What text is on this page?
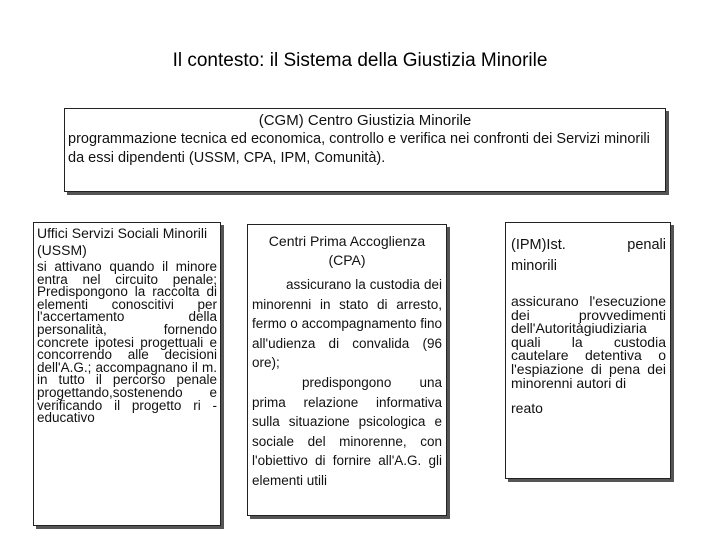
Il contesto: il Sistema della Giustizia Minorile
(CGM) Centro Giustizia Minorile
programmazione tecnica ed economica, controllo e verifica nei confronti dei Servizi minorili da essi dipendenti (USSM, CPA, IPM, Comunità).
Uffici Servizi Sociali Minorili (USSM)
si attivano quando il minore entra nel circuito penale; Predispongono la raccolta di elementi conoscitivi per l'accertamento della personalità, fornendo concrete ipotesi progettuali e concorrendo alle decisioni dell'A.G.; accompagnano il m. in tutto il percorso penale progettando,sostenendo e verificando il progetto ri -educativo
Centri Prima Accoglienza (CPA)
assicurano la custodia dei minorenni in stato di arresto, fermo o accompagnamento fino all'udienza di convalida (96 ore);
predispongono una prima relazione informativa sulla situazione psicologica e sociale del minorenne, con l'obiettivo di fornire all'A.G. gli elementi utili
(IPM)Ist. penali
minorili
assicurano l'esecuzione dei provvedimenti dell'Autoritàgiudiziaria quali la custodia cautelare detentiva o l'espiazione di pena dei minorenni autori di
reato
